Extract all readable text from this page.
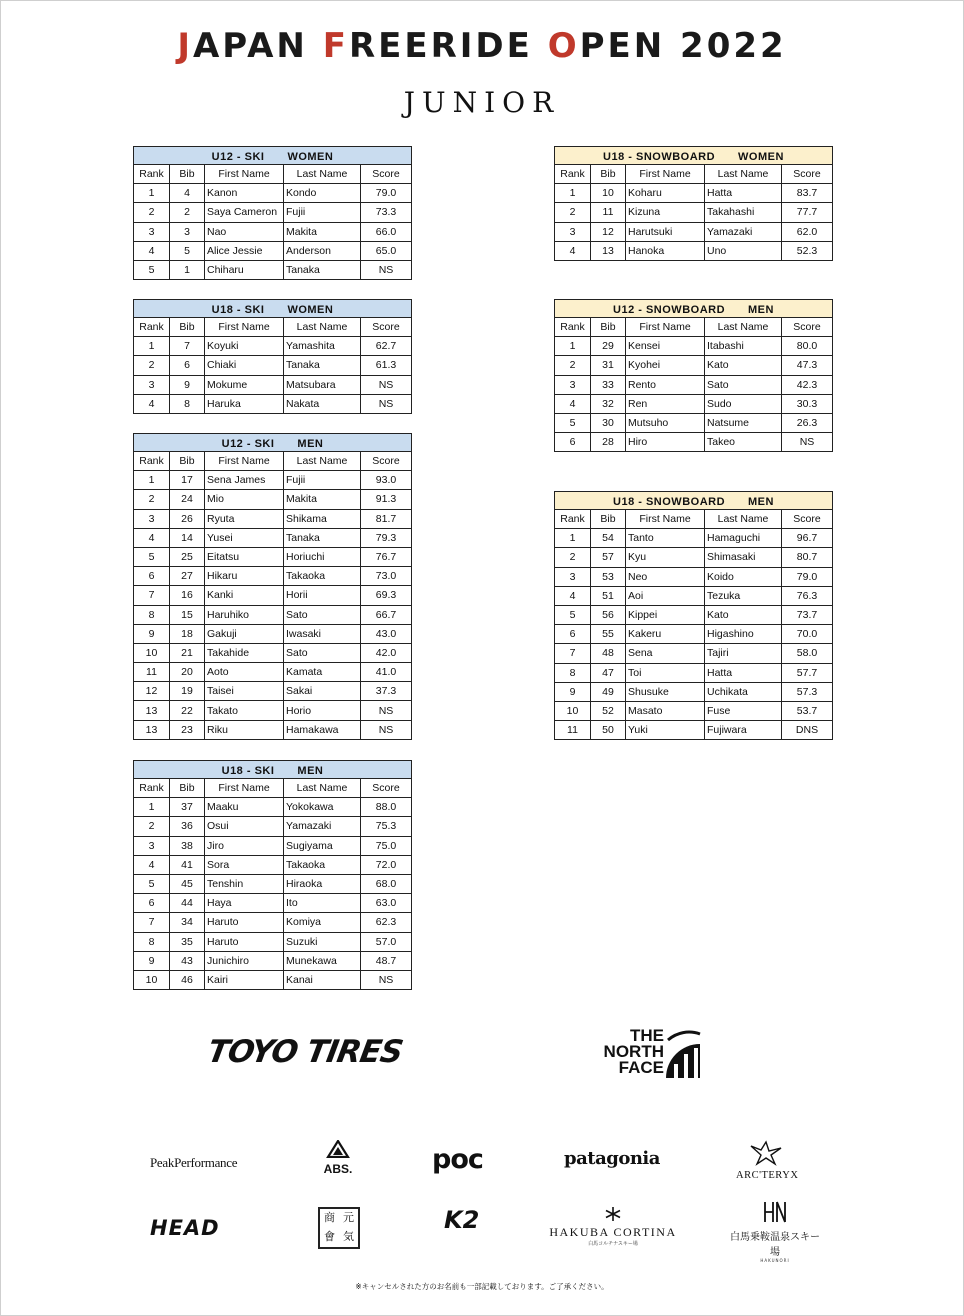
JAPAN FREERIDE OPEN 2022
JUNIOR
U12 - SKI　　WOMEN				
Rank	Bib	First Name	Last Name	Score
1	4	Kanon	Kondo	79.0
2	2	Saya Cameron	Fujii	73.3
3	3	Nao	Makita	66.0
4	5	Alice Jessie	Anderson	65.0
5	1	Chiharu	Tanaka	NS
U18 - SKI　　WOMEN				
Rank	Bib	First Name	Last Name	Score
1	7	Koyuki	Yamashita	62.7
2	6	Chiaki	Tanaka	61.3
3	9	Mokume	Matsubara	NS
4	8	Haruka	Nakata	NS
U12 - SKI　　MEN				
Rank	Bib	First Name	Last Name	Score
1	17	Sena James	Fujii	93.0
2	24	Mio	Makita	91.3
3	26	Ryuta	Shikama	81.7
4	14	Yusei	Tanaka	79.3
5	25	Eitatsu	Horiuchi	76.7
6	27	Hikaru	Takaoka	73.0
7	16	Kanki	Horii	69.3
8	15	Haruhiko	Sato	66.7
9	18	Gakuji	Iwasaki	43.0
10	21	Takahide	Sato	42.0
11	20	Aoto	Kamata	41.0
12	19	Taisei	Sakai	37.3
13	22	Takato	Horio	NS
13	23	Riku	Hamakawa	NS
U18 - SKI　　MEN				
Rank	Bib	First Name	Last Name	Score
1	37	Maaku	Yokokawa	88.0
2	36	Osui	Yamazaki	75.3
3	38	Jiro	Sugiyama	75.0
4	41	Sora	Takaoka	72.0
5	45	Tenshin	Hiraoka	68.0
6	44	Haya	Ito	63.0
7	34	Haruto	Komiya	62.3
8	35	Haruto	Suzuki	57.0
9	43	Junichiro	Munekawa	48.7
10	46	Kairi	Kanai	NS
U18 - SNOWBOARD　　WOMEN				
Rank	Bib	First Name	Last Name	Score
1	10	Koharu	Hatta	83.7
2	11	Kizuna	Takahashi	77.7
3	12	Harutsuki	Yamazaki	62.0
4	13	Hanoka	Uno	52.3
U12 - SNOWBOARD　　MEN				
Rank	Bib	First Name	Last Name	Score
1	29	Kensei	Itabashi	80.0
2	31	Kyohei	Kato	47.3
3	33	Rento	Sato	42.3
4	32	Ren	Sudo	30.3
5	30	Mutsuho	Natsume	26.3
6	28	Hiro	Takeo	NS
U18 - SNOWBOARD　　MEN				
Rank	Bib	First Name	Last Name	Score
1	54	Tanto	Hamaguchi	96.7
2	57	Kyu	Shimasaki	80.7
3	53	Neo	Koido	79.0
4	51	Aoi	Tezuka	76.3
5	56	Kippei	Kato	73.7
6	55	Kakeru	Higashino	70.0
7	48	Sena	Tajiri	58.0
8	47	Toi	Hatta	57.7
9	49	Shusuke	Uchikata	57.3
10	52	Masato	Fuse	53.7
11	50	Yuki	Fujiwara	DNS
TOYO TIRES	THE
NORTH
FACE
PeakPerformance	ABS.	poc	patagonia
ARC'TERYX
HEAD	商 元
會 気
K2	HAKUBA CORTINA
白馬コルチナスキー場
白馬乗鞍温泉スキー場
HAKUNORI
※キャンセルされた方のお名前も一部記載しております。ご了承ください。
